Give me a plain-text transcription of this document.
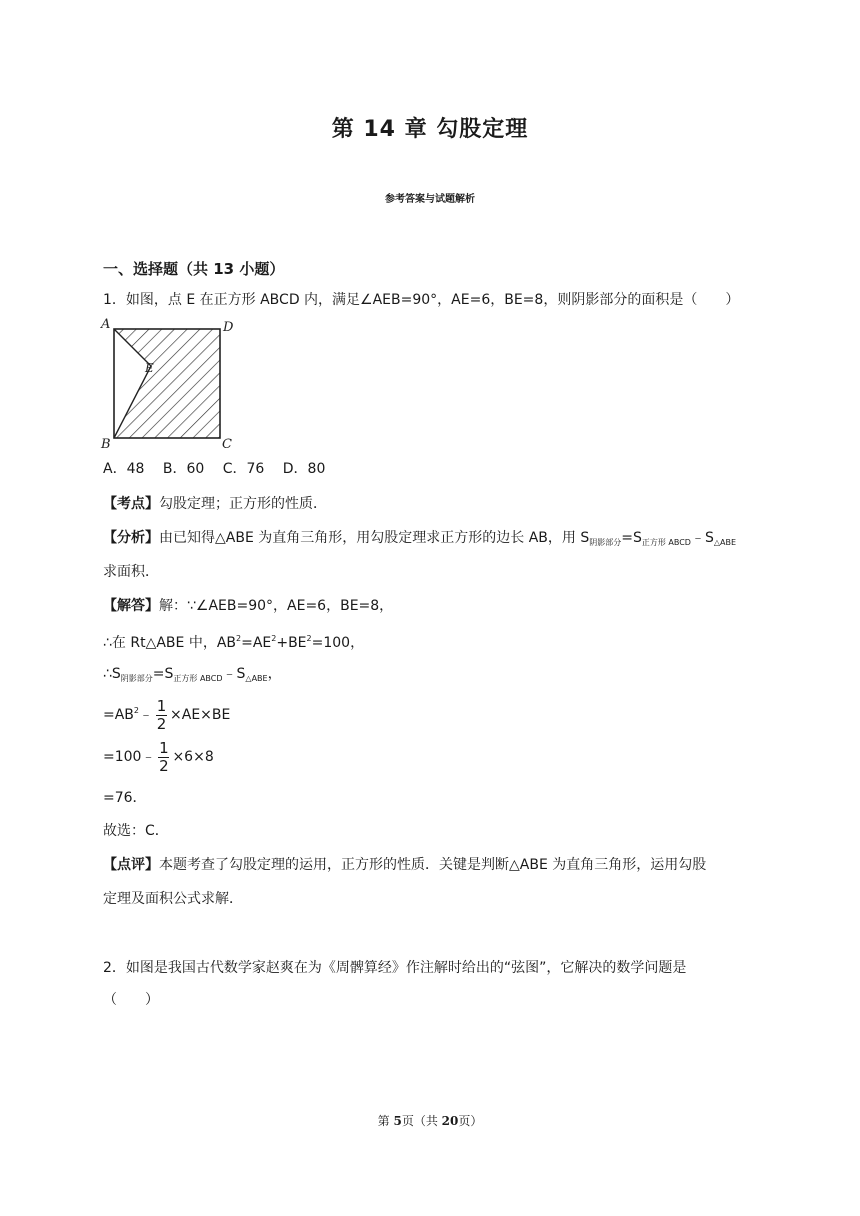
第 14 章 勾股定理
参考答案与试题解析
一、选择题（共 13 小题）
1．如图，点 E 在正方形 ABCD 内，满足∠AEB=90°，AE=6，BE=8，则阴影部分的面积是（　　）
A	D
E
B	C
A．48　 B．60　 C．76　 D．80
【考点】勾股定理；正方形的性质．
【分析】由已知得△ABE 为直角三角形，用勾股定理求正方形的边长 AB，用 $S_{阴影部分}=S_{正方形 ABCD}﹣S_{\triangle ABE}$
求面积．
【解答】解：∵∠AEB=90°，AE=6，BE=8，
∴在 Rt△ABE 中，$AB^2=AE^2+BE^2=100$，
$\therefore S_{阴影部分}=S_{正方形 ABCD}﹣S_{\triangle ABE}$，
$=AB^2﹣ \frac{1}{2} \times AE\times BE$
=100﹣ $\frac{1}{2} \times 6\times 8$
=76．
故选：C．
【点评】本题考查了勾股定理的运用，正方形的性质．关键是判断△ABE 为直角三角形，运用勾股
定理及面积公式求解．
2．如图是我国古代数学家赵爽在为《周髀算经》作注解时给出的“弦图”，它解决的数学问题是
（　　）
第 5页（共 20页）
